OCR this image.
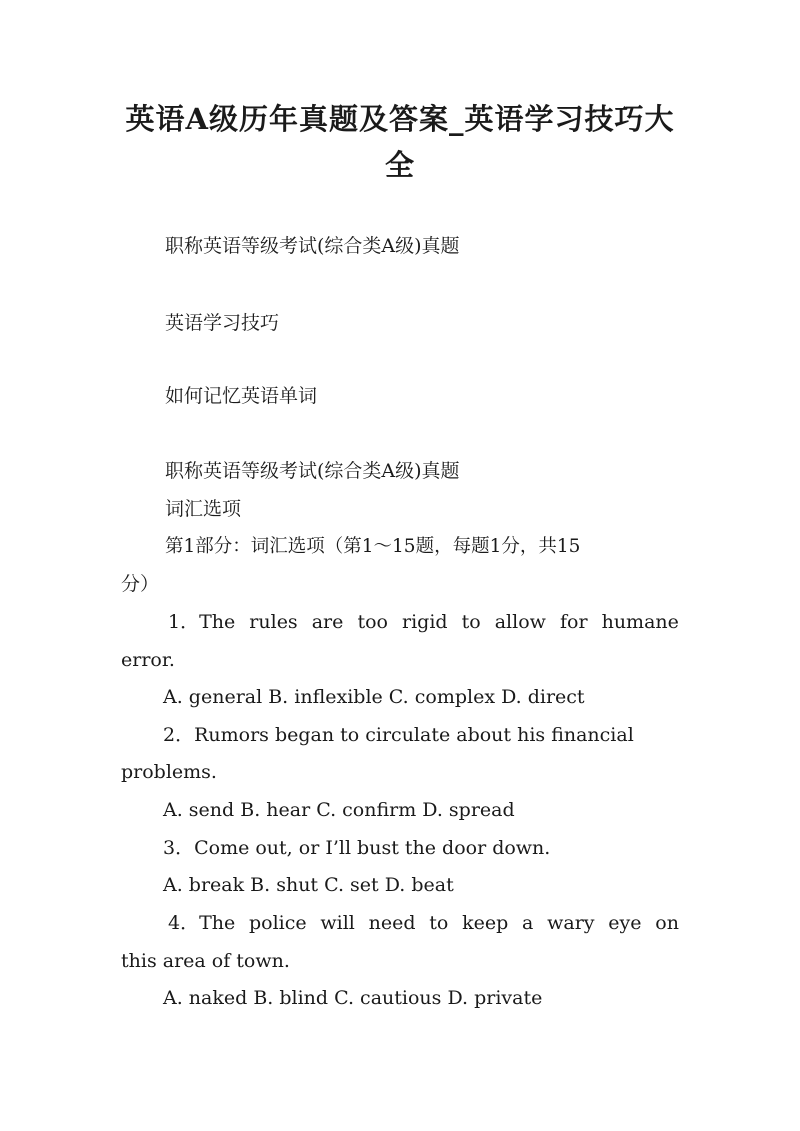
英语A级历年真题及答案_英语学习技巧大
全

职称英语等级考试(综合类A级)真题

英语学习技巧

如何记忆英语单词

职称英语等级考试(综合类A级)真题

词汇选项

第1部分：词汇选项（第1～15题，每题1分，共15

分）

1．The rules are too rigid to allow for humane

error.

A. general B. inflexible C. complex D. direct

2．Rumors began to circulate about his financial

problems.

A. send B. hear C. confirm D. spread

3．Come out, or I’ll bust the door down.

A. break B. shut C. set D. beat

4．The police will need to keep a wary eye on

this area of town.

A. naked B. blind C. cautious D. private
